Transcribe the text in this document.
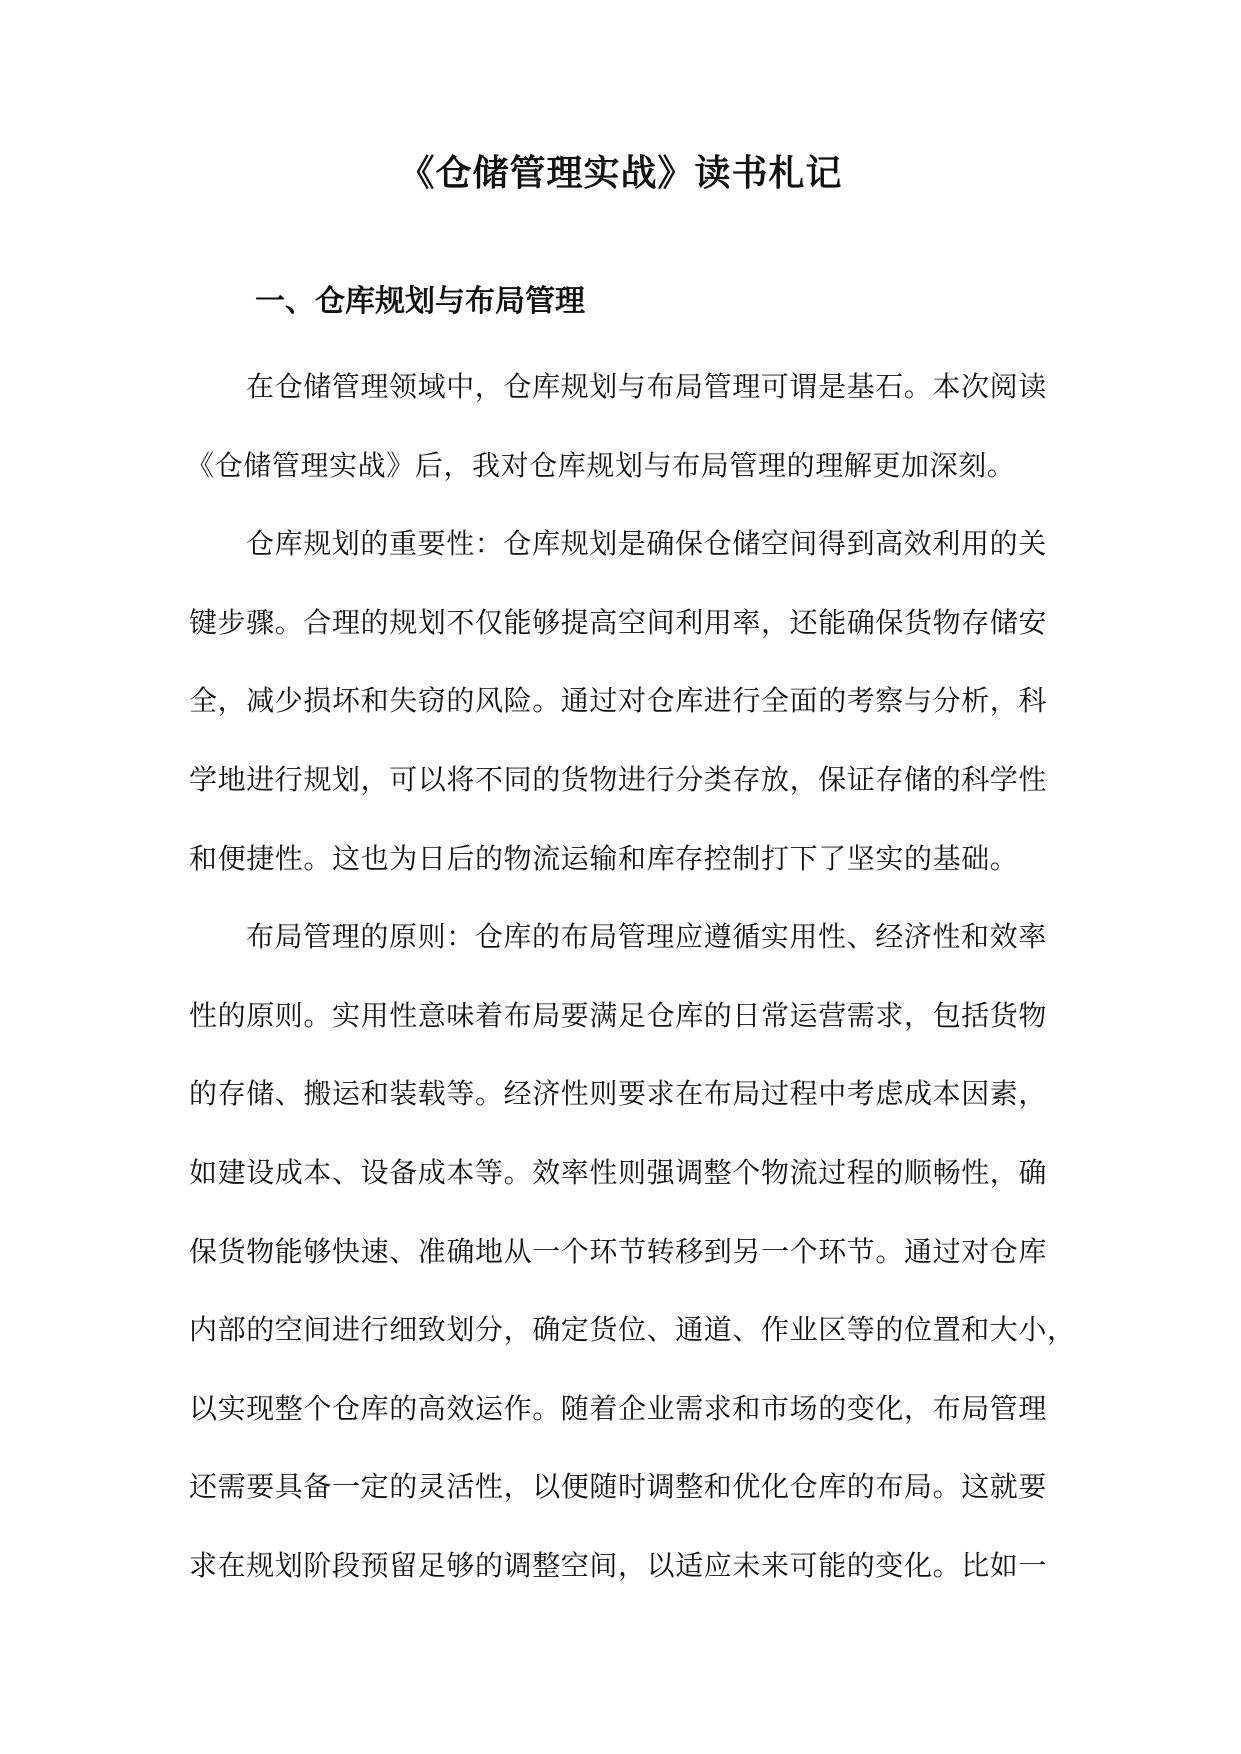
《仓储管理实战》读书札记
一、仓库规划与布局管理
在仓储管理领域中，仓库规划与布局管理可谓是基石。本次阅读
《仓储管理实战》后，我对仓库规划与布局管理的理解更加深刻。
仓库规划的重要性：仓库规划是确保仓储空间得到高效利用的关
键步骤。合理的规划不仅能够提高空间利用率，还能确保货物存储安
全，减少损坏和失窃的风险。通过对仓库进行全面的考察与分析，科
学地进行规划，可以将不同的货物进行分类存放，保证存储的科学性
和便捷性。这也为日后的物流运输和库存控制打下了坚实的基础。
布局管理的原则：仓库的布局管理应遵循实用性、经济性和效率
性的原则。实用性意味着布局要满足仓库的日常运营需求，包括货物
的存储、搬运和装载等。经济性则要求在布局过程中考虑成本因素，
如建设成本、设备成本等。效率性则强调整个物流过程的顺畅性，确
保货物能够快速、准确地从一个环节转移到另一个环节。通过对仓库
内部的空间进行细致划分，确定货位、通道、作业区等的位置和大小，
以实现整个仓库的高效运作。随着企业需求和市场的变化，布局管理
还需要具备一定的灵活性，以便随时调整和优化仓库的布局。这就要
求在规划阶段预留足够的调整空间，以适应未来可能的变化。比如一
